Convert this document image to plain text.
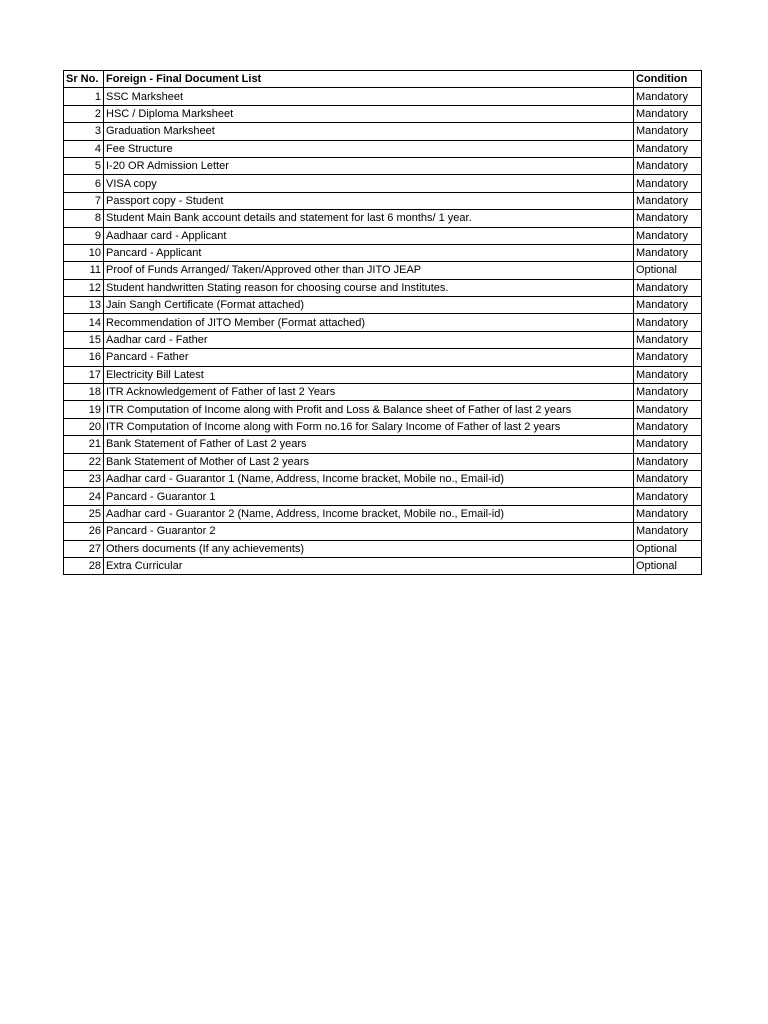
Sr No.	Foreign - Final Document List	Condition
1	SSC Marksheet	Mandatory
2	HSC / Diploma Marksheet	Mandatory
3	Graduation Marksheet	Mandatory
4	Fee Structure	Mandatory
5	I-20 OR Admission Letter	Mandatory
6	VISA copy	Mandatory
7	Passport copy - Student	Mandatory
8	Student Main Bank account details and statement for last 6 months/ 1 year.	Mandatory
9	Aadhaar card - Applicant	Mandatory
10	Pancard - Applicant	Mandatory
11	Proof of Funds Arranged/ Taken/Approved other than JITO JEAP	Optional
12	Student handwritten Stating reason for choosing course and Institutes.	Mandatory
13	Jain Sangh Certificate (Format attached)	Mandatory
14	Recommendation of JITO Member (Format attached)	Mandatory
15	Aadhar card - Father	Mandatory
16	Pancard - Father	Mandatory
17	Electricity Bill Latest	Mandatory
18	ITR Acknowledgement of Father of last 2 Years	Mandatory
19	ITR Computation of Income along with Profit and Loss & Balance sheet of Father of last 2 years	Mandatory
20	ITR Computation of Income along with Form no.16 for Salary Income of Father of last 2 years	Mandatory
21	Bank Statement of Father of Last 2 years	Mandatory
22	Bank Statement of Mother of Last 2 years	Mandatory
23	Aadhar card - Guarantor 1 (Name, Address, Income bracket, Mobile no., Email-id)	Mandatory
24	Pancard - Guarantor 1	Mandatory
25	Aadhar card - Guarantor 2 (Name, Address, Income bracket, Mobile no., Email-id)	Mandatory
26	Pancard - Guarantor 2	Mandatory
27	Others documents (If any achievements)	Optional
28	Extra Curricular	Optional
